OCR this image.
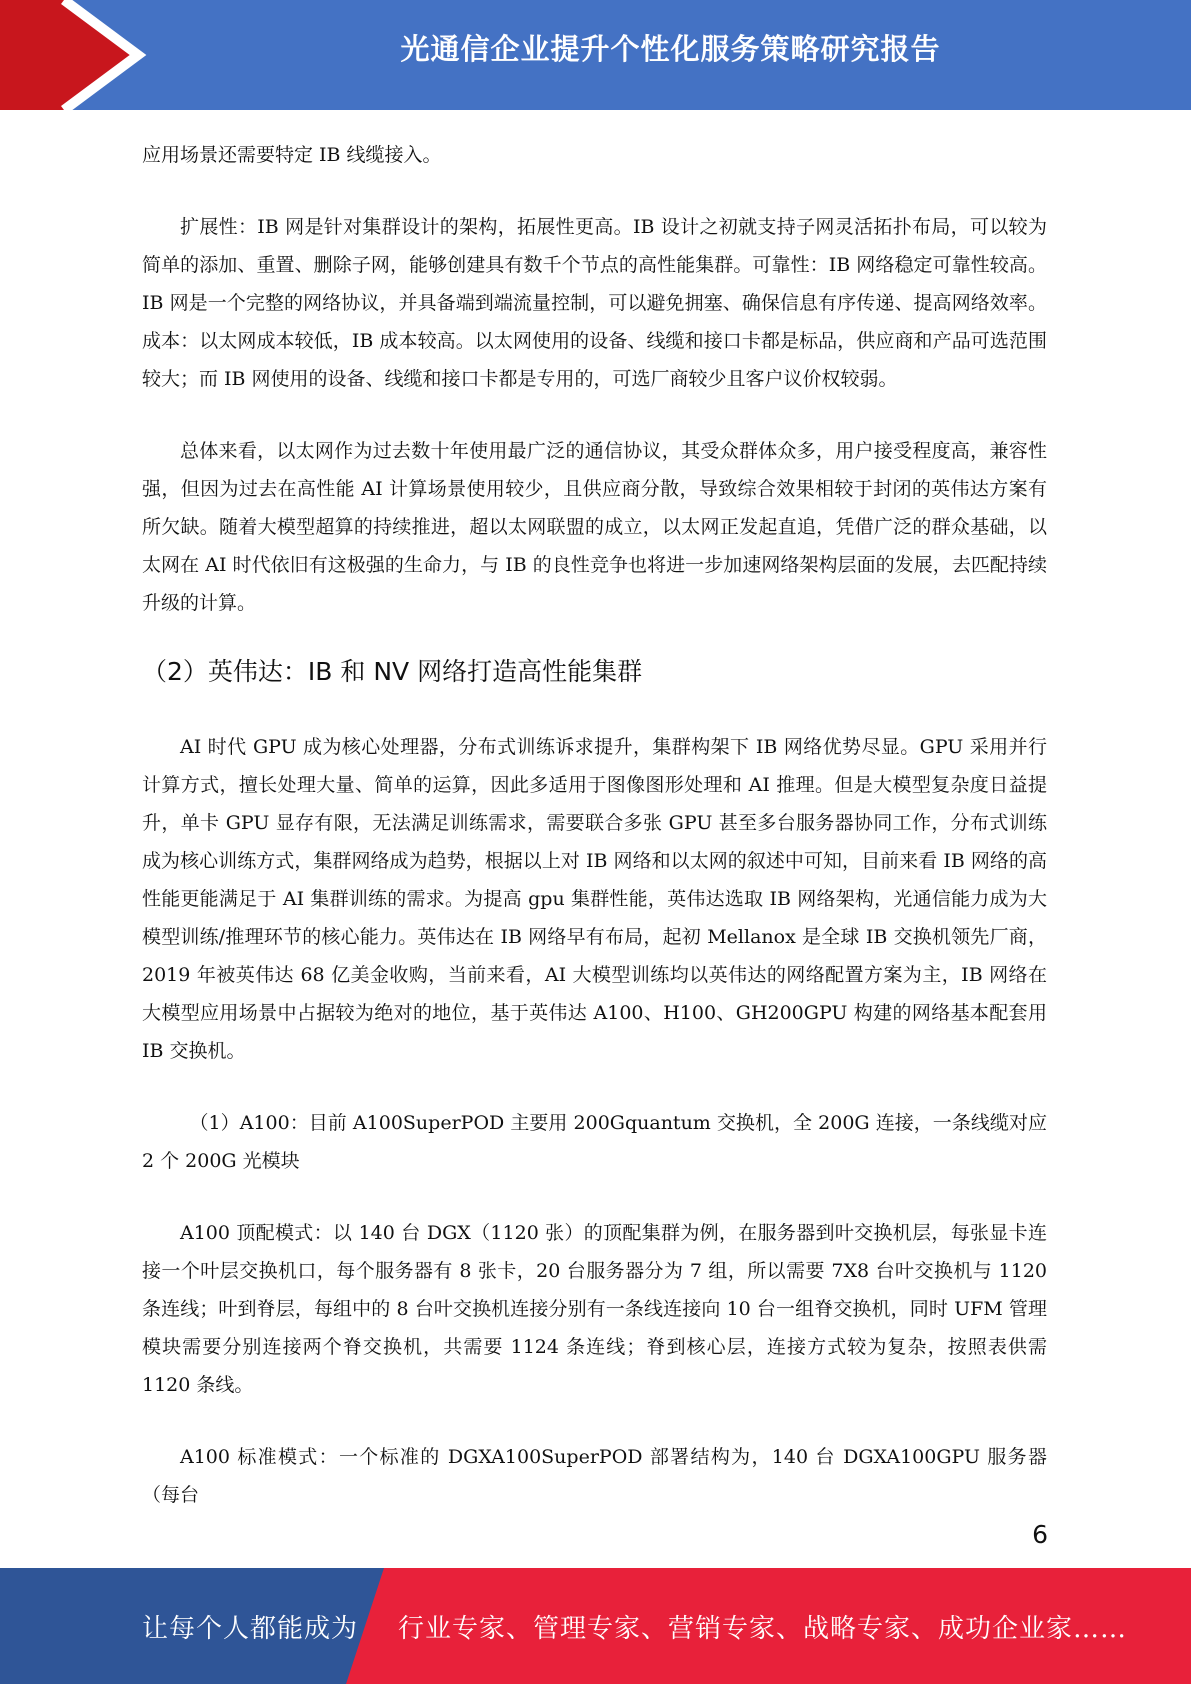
光通信企业提升个性化服务策略研究报告

应用场景还需要特定 IB 线缆接入。

扩展性：IB 网是针对集群设计的架构，拓展性更高。IB 设计之初就支持子网灵活拓扑布局，可以较为简单的添加、重置、删除子网，能够创建具有数千个节点的高性能集群。可靠性：IB 网络稳定可靠性较高。IB 网是一个完整的网络协议，并具备端到端流量控制，可以避免拥塞、确保信息有序传递、提高网络效率。成本：以太网成本较低，IB 成本较高。以太网使用的设备、线缆和接口卡都是标品，供应商和产品可选范围较大；而 IB 网使用的设备、线缆和接口卡都是专用的，可选厂商较少且客户议价权较弱。

总体来看，以太网作为过去数十年使用最广泛的通信协议，其受众群体众多，用户接受程度高，兼容性强，但因为过去在高性能 AI 计算场景使用较少，且供应商分散，导致综合效果相较于封闭的英伟达方案有所欠缺。随着大模型超算的持续推进，超以太网联盟的成立，以太网正发起直追，凭借广泛的群众基础，以太网在 AI 时代依旧有这极强的生命力，与 IB 的良性竞争也将进一步加速网络架构层面的发展，去匹配持续升级的计算。

（2）英伟达：IB 和 NV 网络打造高性能集群

AI 时代 GPU 成为核心处理器，分布式训练诉求提升，集群构架下 IB 网络优势尽显。GPU 采用并行计算方式，擅长处理大量、简单的运算，因此多适用于图像图形处理和 AI 推理。但是大模型复杂度日益提升，单卡 GPU 显存有限，无法满足训练需求，需要联合多张 GPU 甚至多台服务器协同工作，分布式训练成为核心训练方式，集群网络成为趋势，根据以上对 IB 网络和以太网的叙述中可知，目前来看 IB 网络的高性能更能满足于 AI 集群训练的需求。为提高 gpu 集群性能，英伟达选取 IB 网络架构，光通信能力成为大模型训练/推理环节的核心能力。英伟达在 IB 网络早有布局，起初 Mellanox 是全球 IB 交换机领先厂商，2019 年被英伟达 68 亿美金收购，当前来看，AI 大模型训练均以英伟达的网络配置方案为主，IB 网络在大模型应用场景中占据较为绝对的地位，基于英伟达 A100、H100、GH200GPU 构建的网络基本配套用 IB 交换机。

（1）A100：目前 A100SuperPOD 主要用 200Gquantum 交换机，全 200G 连接，一条线缆对应 2 个 200G 光模块

A100 顶配模式：以 140 台 DGX（1120 张）的顶配集群为例，在服务器到叶交换机层，每张显卡连接一个叶层交换机口，每个服务器有 8 张卡，20 台服务器分为 7 组，所以需要 7X8 台叶交换机与 1120 条连线；叶到脊层，每组中的 8 台叶交换机连接分别有一条线连接向 10 台一组脊交换机，同时 UFM 管理模块需要分别连接两个脊交换机，共需要 1124 条连线；脊到核心层，连接方式较为复杂，按照表供需 1120 条线。

A100 标准模式：一个标准的 DGXA100SuperPOD 部署结构为，140 台 DGXA100GPU 服务器（每台

6
让每个人都能成为 行业专家、管理专家、营销专家、战略专家、成功企业家……
